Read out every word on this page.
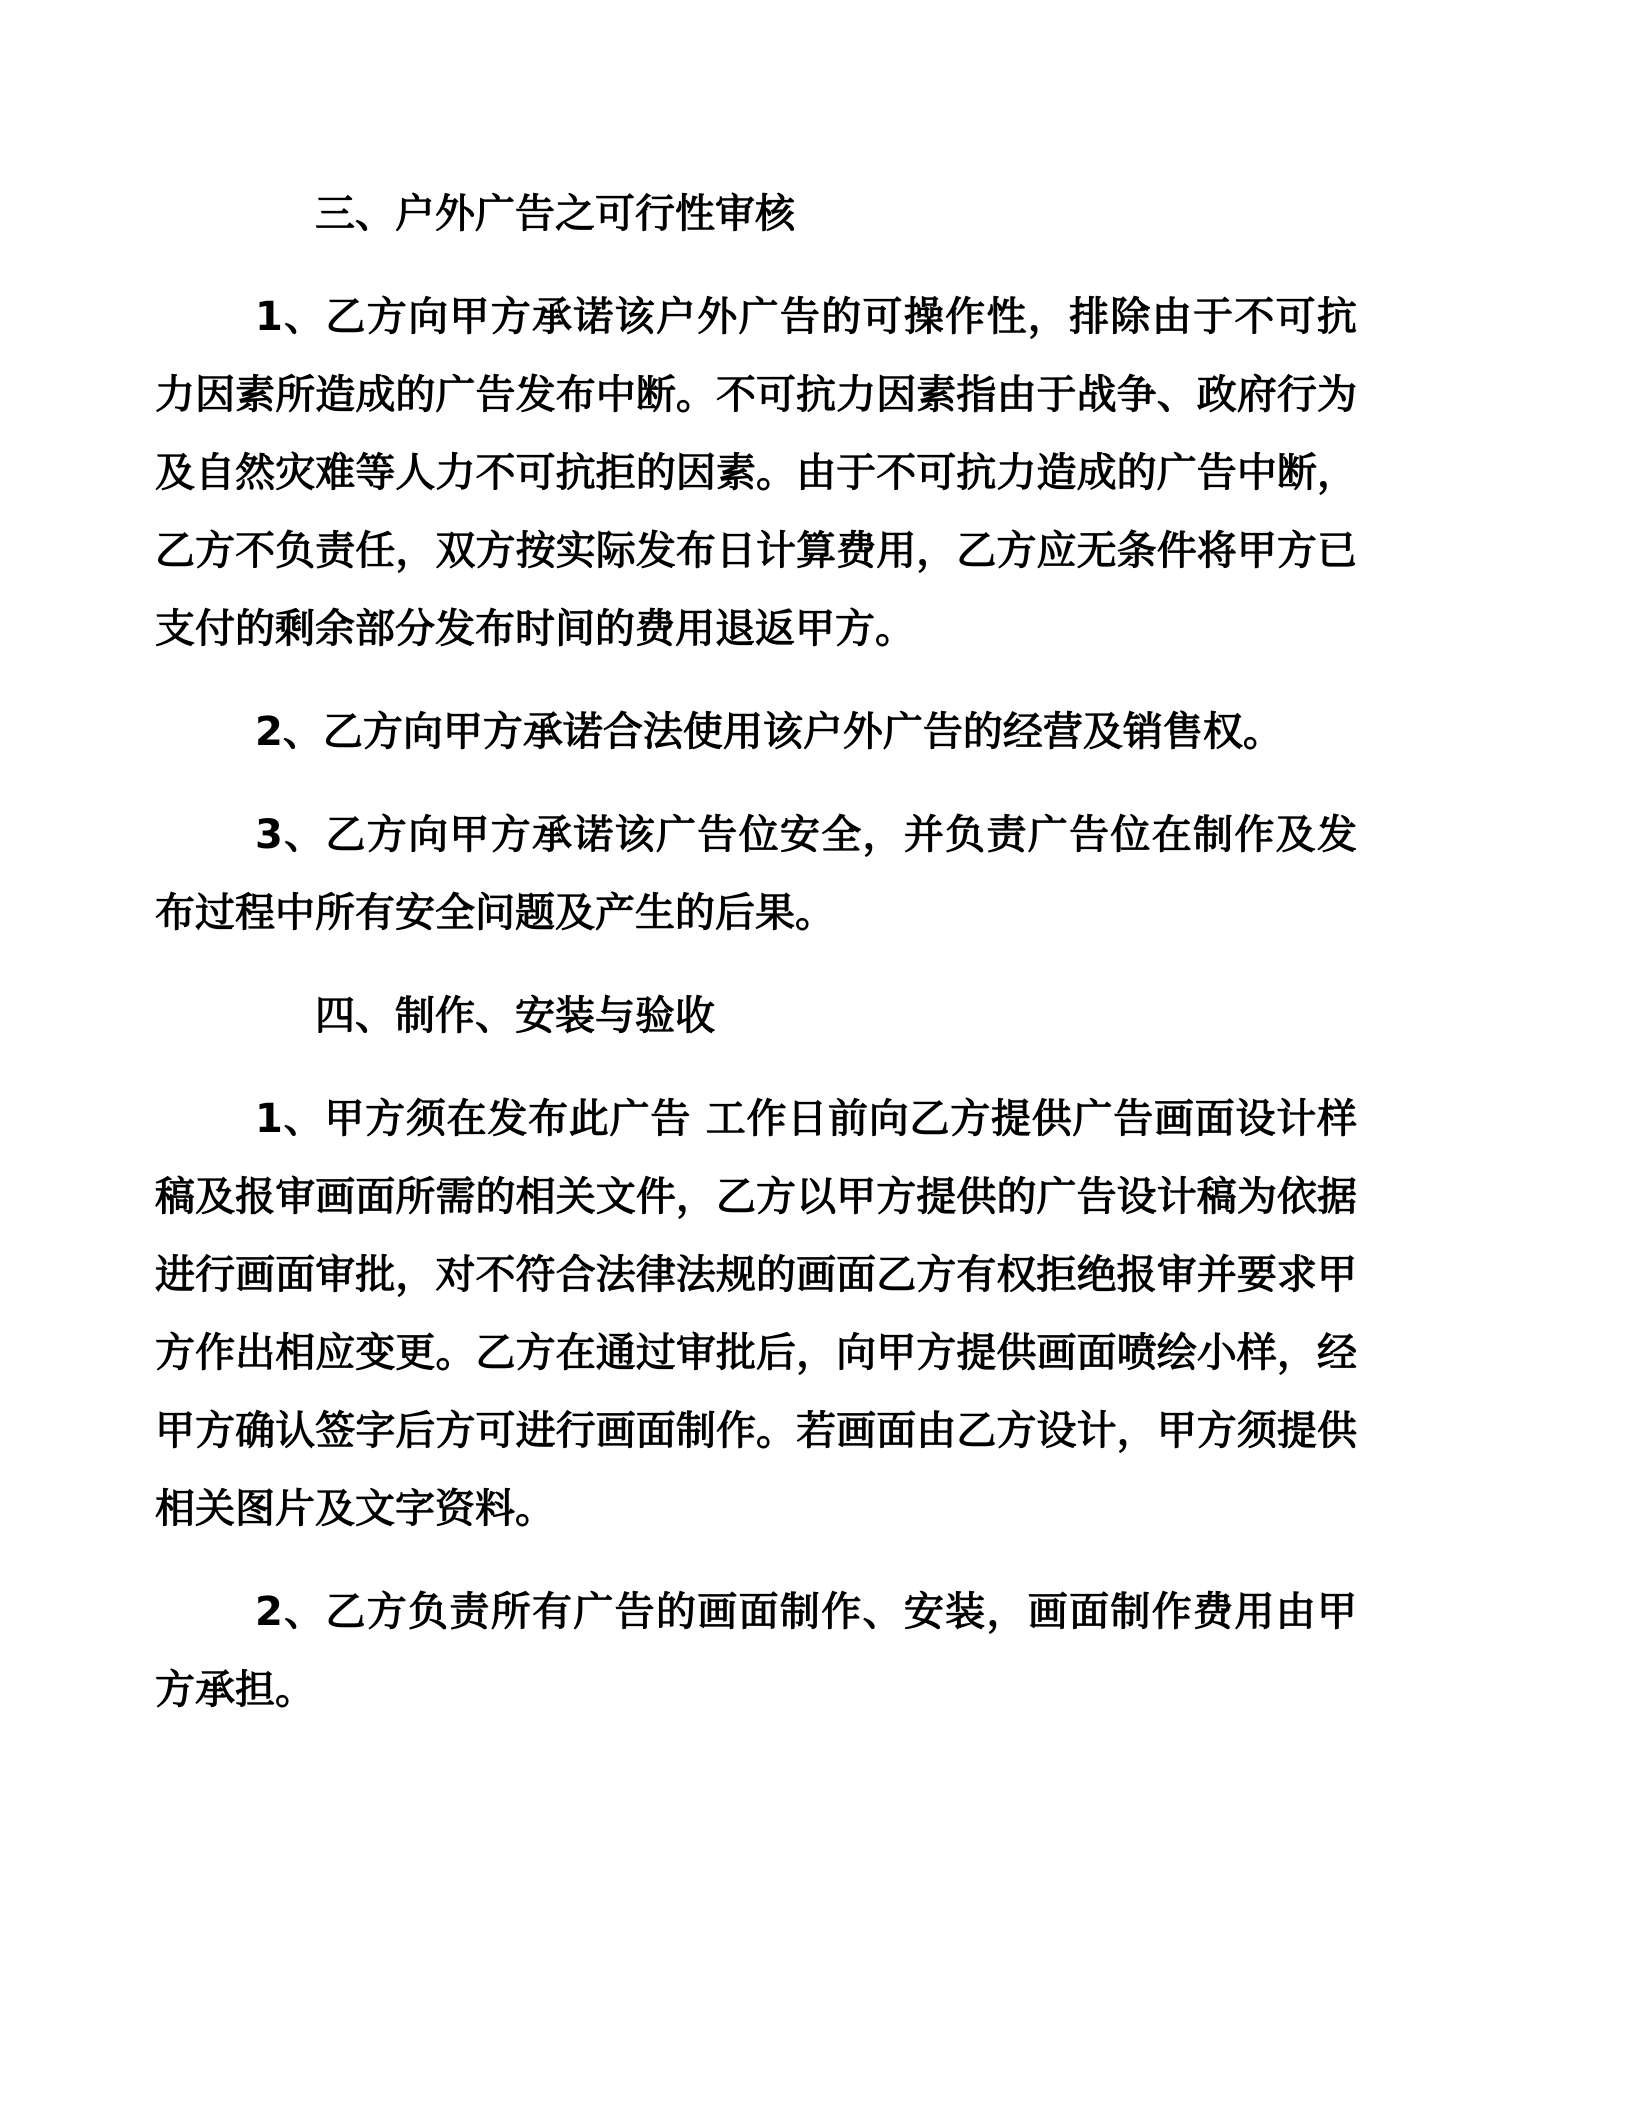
三、户外广告之可行性审核

1、乙方向甲方承诺该户外广告的可操作性，排除由于不可抗力因素所造成的广告发布中断。不可抗力因素指由于战争、政府行为及自然灾难等人力不可抗拒的因素。由于不可抗力造成的广告中断，乙方不负责任，双方按实际发布日计算费用，乙方应无条件将甲方已支付的剩余部分发布时间的费用退返甲方。

2、乙方向甲方承诺合法使用该户外广告的经营及销售权。

3、乙方向甲方承诺该广告位安全，并负责广告位在制作及发布过程中所有安全问题及产生的后果。

四、制作、安装与验收

1、甲方须在发布此广告 工作日前向乙方提供广告画面设计样稿及报审画面所需的相关文件，乙方以甲方提供的广告设计稿为依据进行画面审批，对不符合法律法规的画面乙方有权拒绝报审并要求甲方作出相应变更。乙方在通过审批后，向甲方提供画面喷绘小样，经甲方确认签字后方可进行画面制作。若画面由乙方设计，甲方须提供相关图片及文字资料。

2、乙方负责所有广告的画面制作、安装，画面制作费用由甲方承担。
